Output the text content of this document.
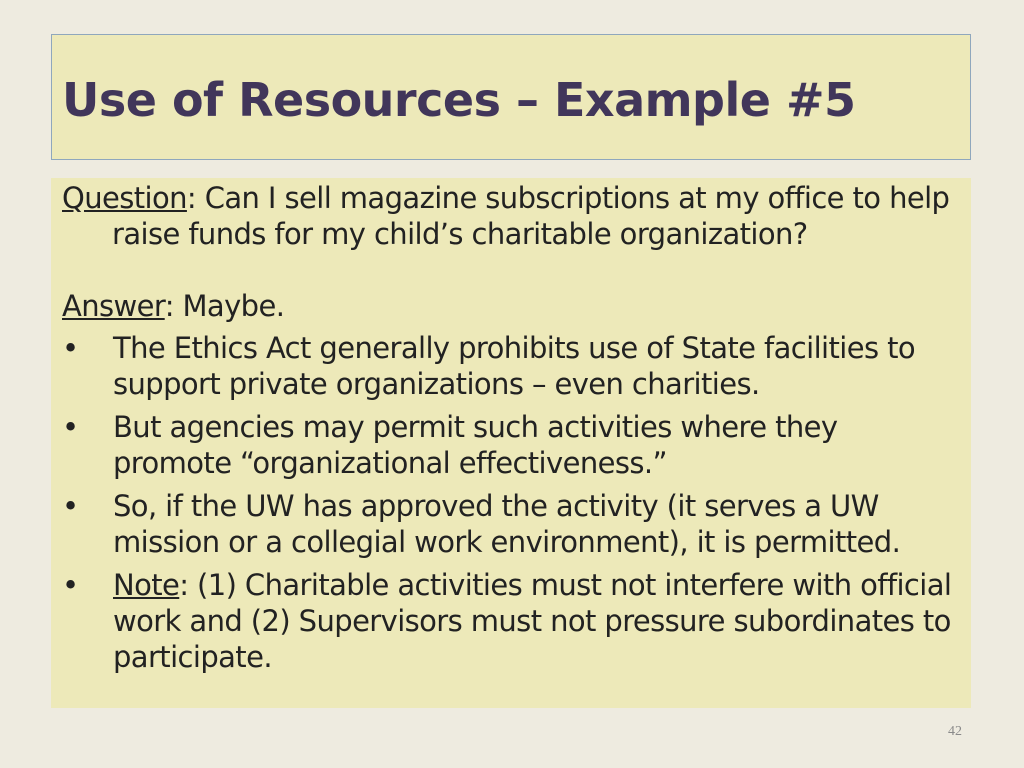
Use of Resources – Example #5

Question: Can I sell magazine subscriptions at my office to help raise funds for my child’s charitable organization?

Answer: Maybe.

• The Ethics Act generally prohibits use of State facilities to support private organizations – even charities.
• But agencies may permit such activities where they promote “organizational effectiveness.”
• So, if the UW has approved the activity (it serves a UW mission or a collegial work environment), it is permitted.
• Note: (1) Charitable activities must not interfere with official work and (2) Supervisors must not pressure subordinates to participate.
42
